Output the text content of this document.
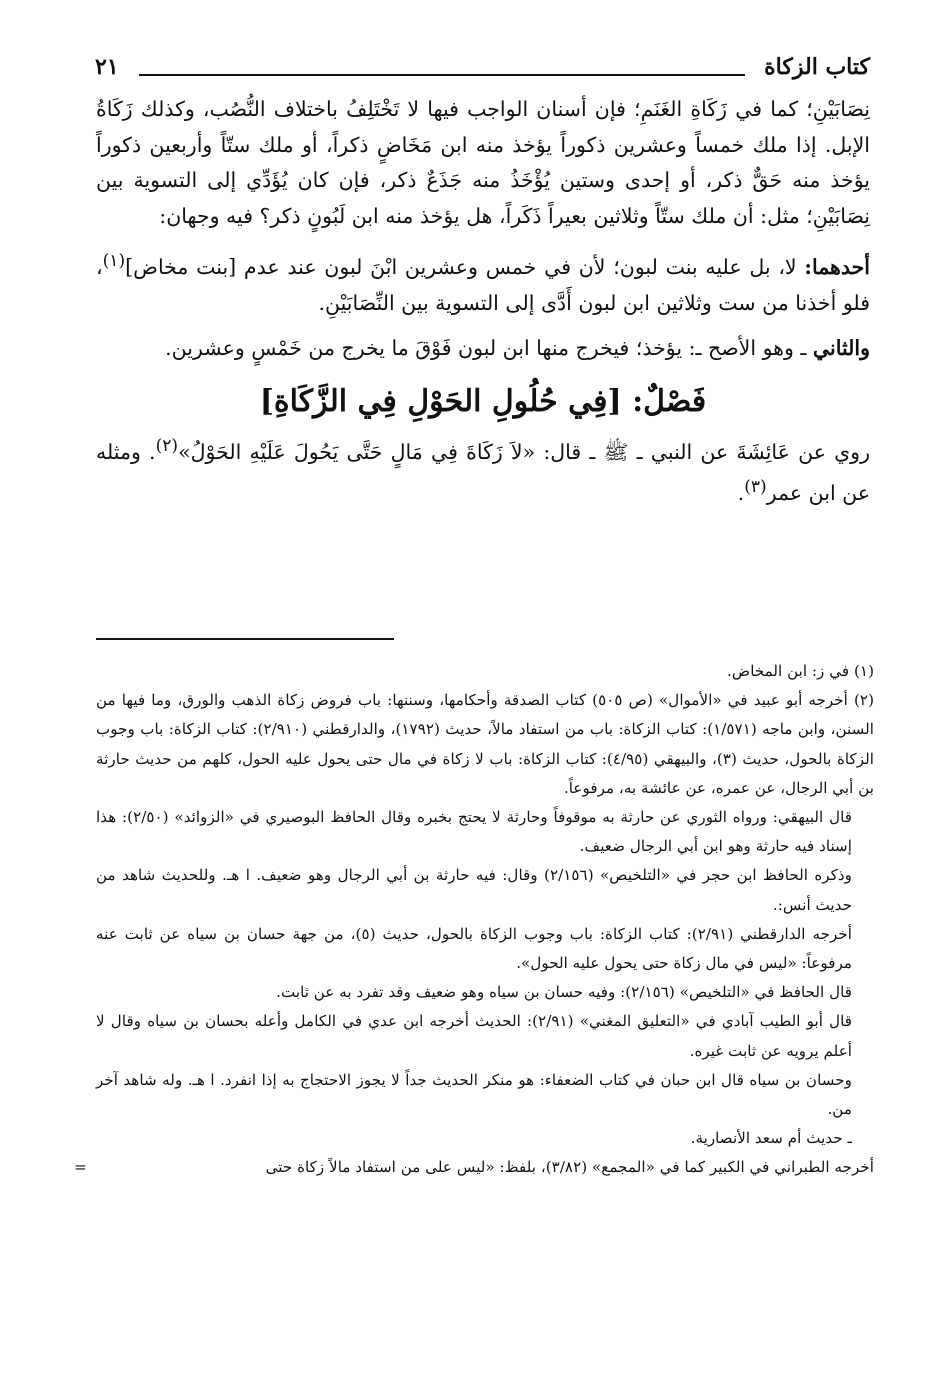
كتاب الزكاة
٢١

نِصَابَيْنِ؛ كما في زَكَاةِ الغَنَمِ؛ فإن أسنان الواجب فيها لا تَخْتَلِفُ باختلاف النُّصُب، وكذلك زَكَاةُ الإبل. إذا ملك خمساً وعشرين ذكوراً يؤخذ منه ابن مَخَاضٍ ذكراً، أو ملك ستّاً وأربعين ذكوراً يؤخذ منه حَقٌّ ذكر، أو إحدى وستين يُؤْخَذُ منه جَذَعٌ ذكر، فإن كان يُؤَدِّي إلى التسوية بين نِصَابَيْنِ؛ مثل: أن ملك ستّاً وثلاثين بعيراً ذَكَراً، هل يؤخذ منه ابن لَبُونٍ ذكر؟ فيه وجهان:

أحدهما: لا، بل عليه بنت لبون؛ لأن في خمس وعشرين ابْنَ لبون عند عدم [بنت مخاض]$^{(١)}$، فلو أخذنا من ست وثلاثين ابن لبون أَدَّى إلى التسوية بين النِّصَابَيْنِ.

والثاني ـ وهو الأصح ـ: يؤخذ؛ فيخرج منها ابن لبون فَوْقَ ما يخرج من خَمْسٍ وعشرين.

فَصْلٌ: [فِي حُلُولِ الحَوْلِ فِي الزَّكَاةِ]

روي عن عَائِشَةَ عن النبي ـ ﷺ ـ قال: «لاَ زَكَاةَ فِي مَالٍ حَتَّى يَحُولَ عَلَيْهِ الحَوْلُ»$^{(٢)}$. ومثله عن ابن عمر$^{(٣)}$.

(١) في ز: ابن المخاض.

(٢) أخرجه أبو عبيد في «الأموال» (ص ٥٠٥) كتاب الصدقة وأحكامها، وسننها: باب فروض زكاة الذهب والورق، وما فيها من السنن، وابن ماجه (١/٥٧١): كتاب الزكاة: باب من استفاد مالاً، حديث (١٧٩٢)، والدارقطني (٢/٩١٠): كتاب الزكاة: باب وجوب الزكاة بالحول، حديث (٣)، والبيهقي (٤/٩٥): كتاب الزكاة: باب لا زكاة في مال حتى يحول عليه الحول، كلهم من حديث حارثة بن أبي الرجال، عن عمره، عن عائشة به، مرفوعاً.

قال البيهقي: ورواه الثوري عن حارثة به موقوفاً وحارثة لا يحتج بخبره وقال الحافظ البوصيري في «الزوائد» (٢/٥٠): هذا إسناد فيه حارثة وهو ابن أبي الرجال ضعيف.

وذكره الحافظ ابن حجر في «التلخيص» (٢/١٥٦) وقال: فيه حارثة بن أبي الرجال وهو ضعيف. ا هـ. وللحديث شاهد من حديث أنس:.

أخرجه الدارقطني (٢/٩١): كتاب الزكاة: باب وجوب الزكاة بالحول، حديث (٥)، من جهة حسان بن سياه عن ثابت عنه مرفوعاً: «ليس في مال زكاة حتى يحول عليه الحول».

قال الحافظ في «التلخيص» (٢/١٥٦): وفيه حسان بن سياه وهو ضعيف وقد تفرد به عن ثابت.

قال أبو الطيب آبادي في «التعليق المغني» (٢/٩١): الحديث أخرجه ابن عدي في الكامل وأعله بحسان بن سياه وقال لا أعلم يرويه عن ثابت غيره.

وحسان بن سياه قال ابن حبان في كتاب الضعفاء: هو منكر الحديث جداً لا يجوز الاحتجاج به إذا انفرد. ا هـ. وله شاهد آخر من.

ـ حديث أم سعد الأنصارية.

أخرجه الطبراني في الكبير كما في «المجمع» (٣/٨٢)، بلفظ: «ليس على من استفاد مالاً زكاة حتى
=
